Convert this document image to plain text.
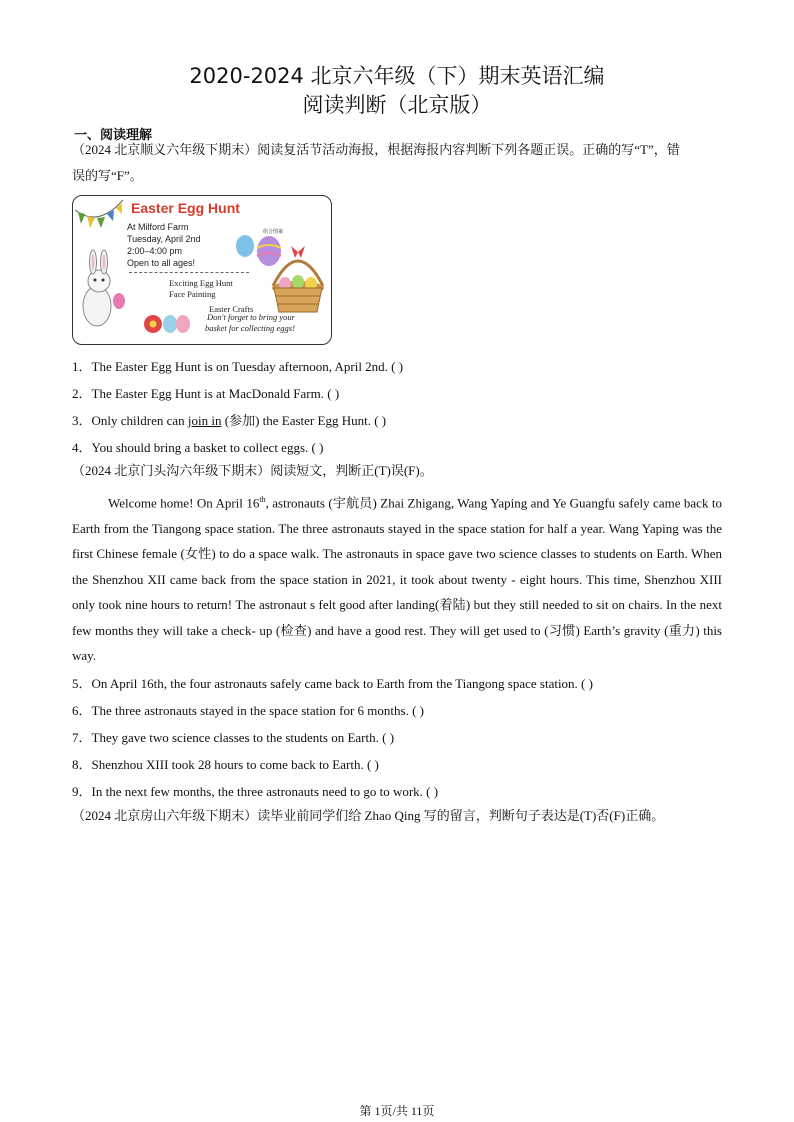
2020-2024 北京六年级（下）期末英语汇编
阅读判断（北京版）
一、阅读理解
（2024 北京顺义六年级下期末）阅读复活节活动海报，根据海报内容判断下列各题正误。正确的写“T”，错
误的写“F”。
组合图案
Easter Egg Hunt
At Milford Farm
Tuesday, April 2nd
2:00–4:00 pm
Open to all ages!
Exciting Egg Hunt
Face Painting
Easter Crafts
Don't forget to bring your
basket for collecting eggs!
1．The Easter Egg Hunt is on Tuesday afternoon, April 2nd. ( )
2．The Easter Egg Hunt is at MacDonald Farm. ( )
3．Only children can join in (参加) the Easter Egg Hunt. ( )
4．You should bring a basket to collect eggs. ( )
（2024 北京门头沟六年级下期末）阅读短文，判断正(T)误(F)。
Welcome home! On April 16th, astronauts (宇航员) Zhai Zhigang, Wang Yaping and Ye Guangfu safely came back to Earth from the Tiangong space station. The three astronauts stayed in the space station for half a year. Wang Yaping was the first Chinese female (女性) to do a space walk. The astronauts in space gave two science classes to students on Earth. When the Shenzhou XII came back from the space station in 2021, it took about twenty - eight hours. This time, Shenzhou XIII only took nine hours to return! The astronaut s felt good after landing(着陆) but they still needed to sit on chairs. In the next few months they will take a check- up (检查) and have a good rest. They will get used to (习惯) Earth’s gravity (重力) this way.
5．On April 16th, the four astronauts safely came back to Earth from the Tiangong space station. ( )
6．The three astronauts stayed in the space station for 6 months. ( )
7．They gave two science classes to the students on Earth. ( )
8．Shenzhou XIII took 28 hours to come back to Earth. ( )
9．In the next few months, the three astronauts need to go to work. ( )
（2024 北京房山六年级下期末）读毕业前同学们给 Zhao Qing 写的留言，判断句子表达是(T)否(F)正确。
第 1页/共 11页
